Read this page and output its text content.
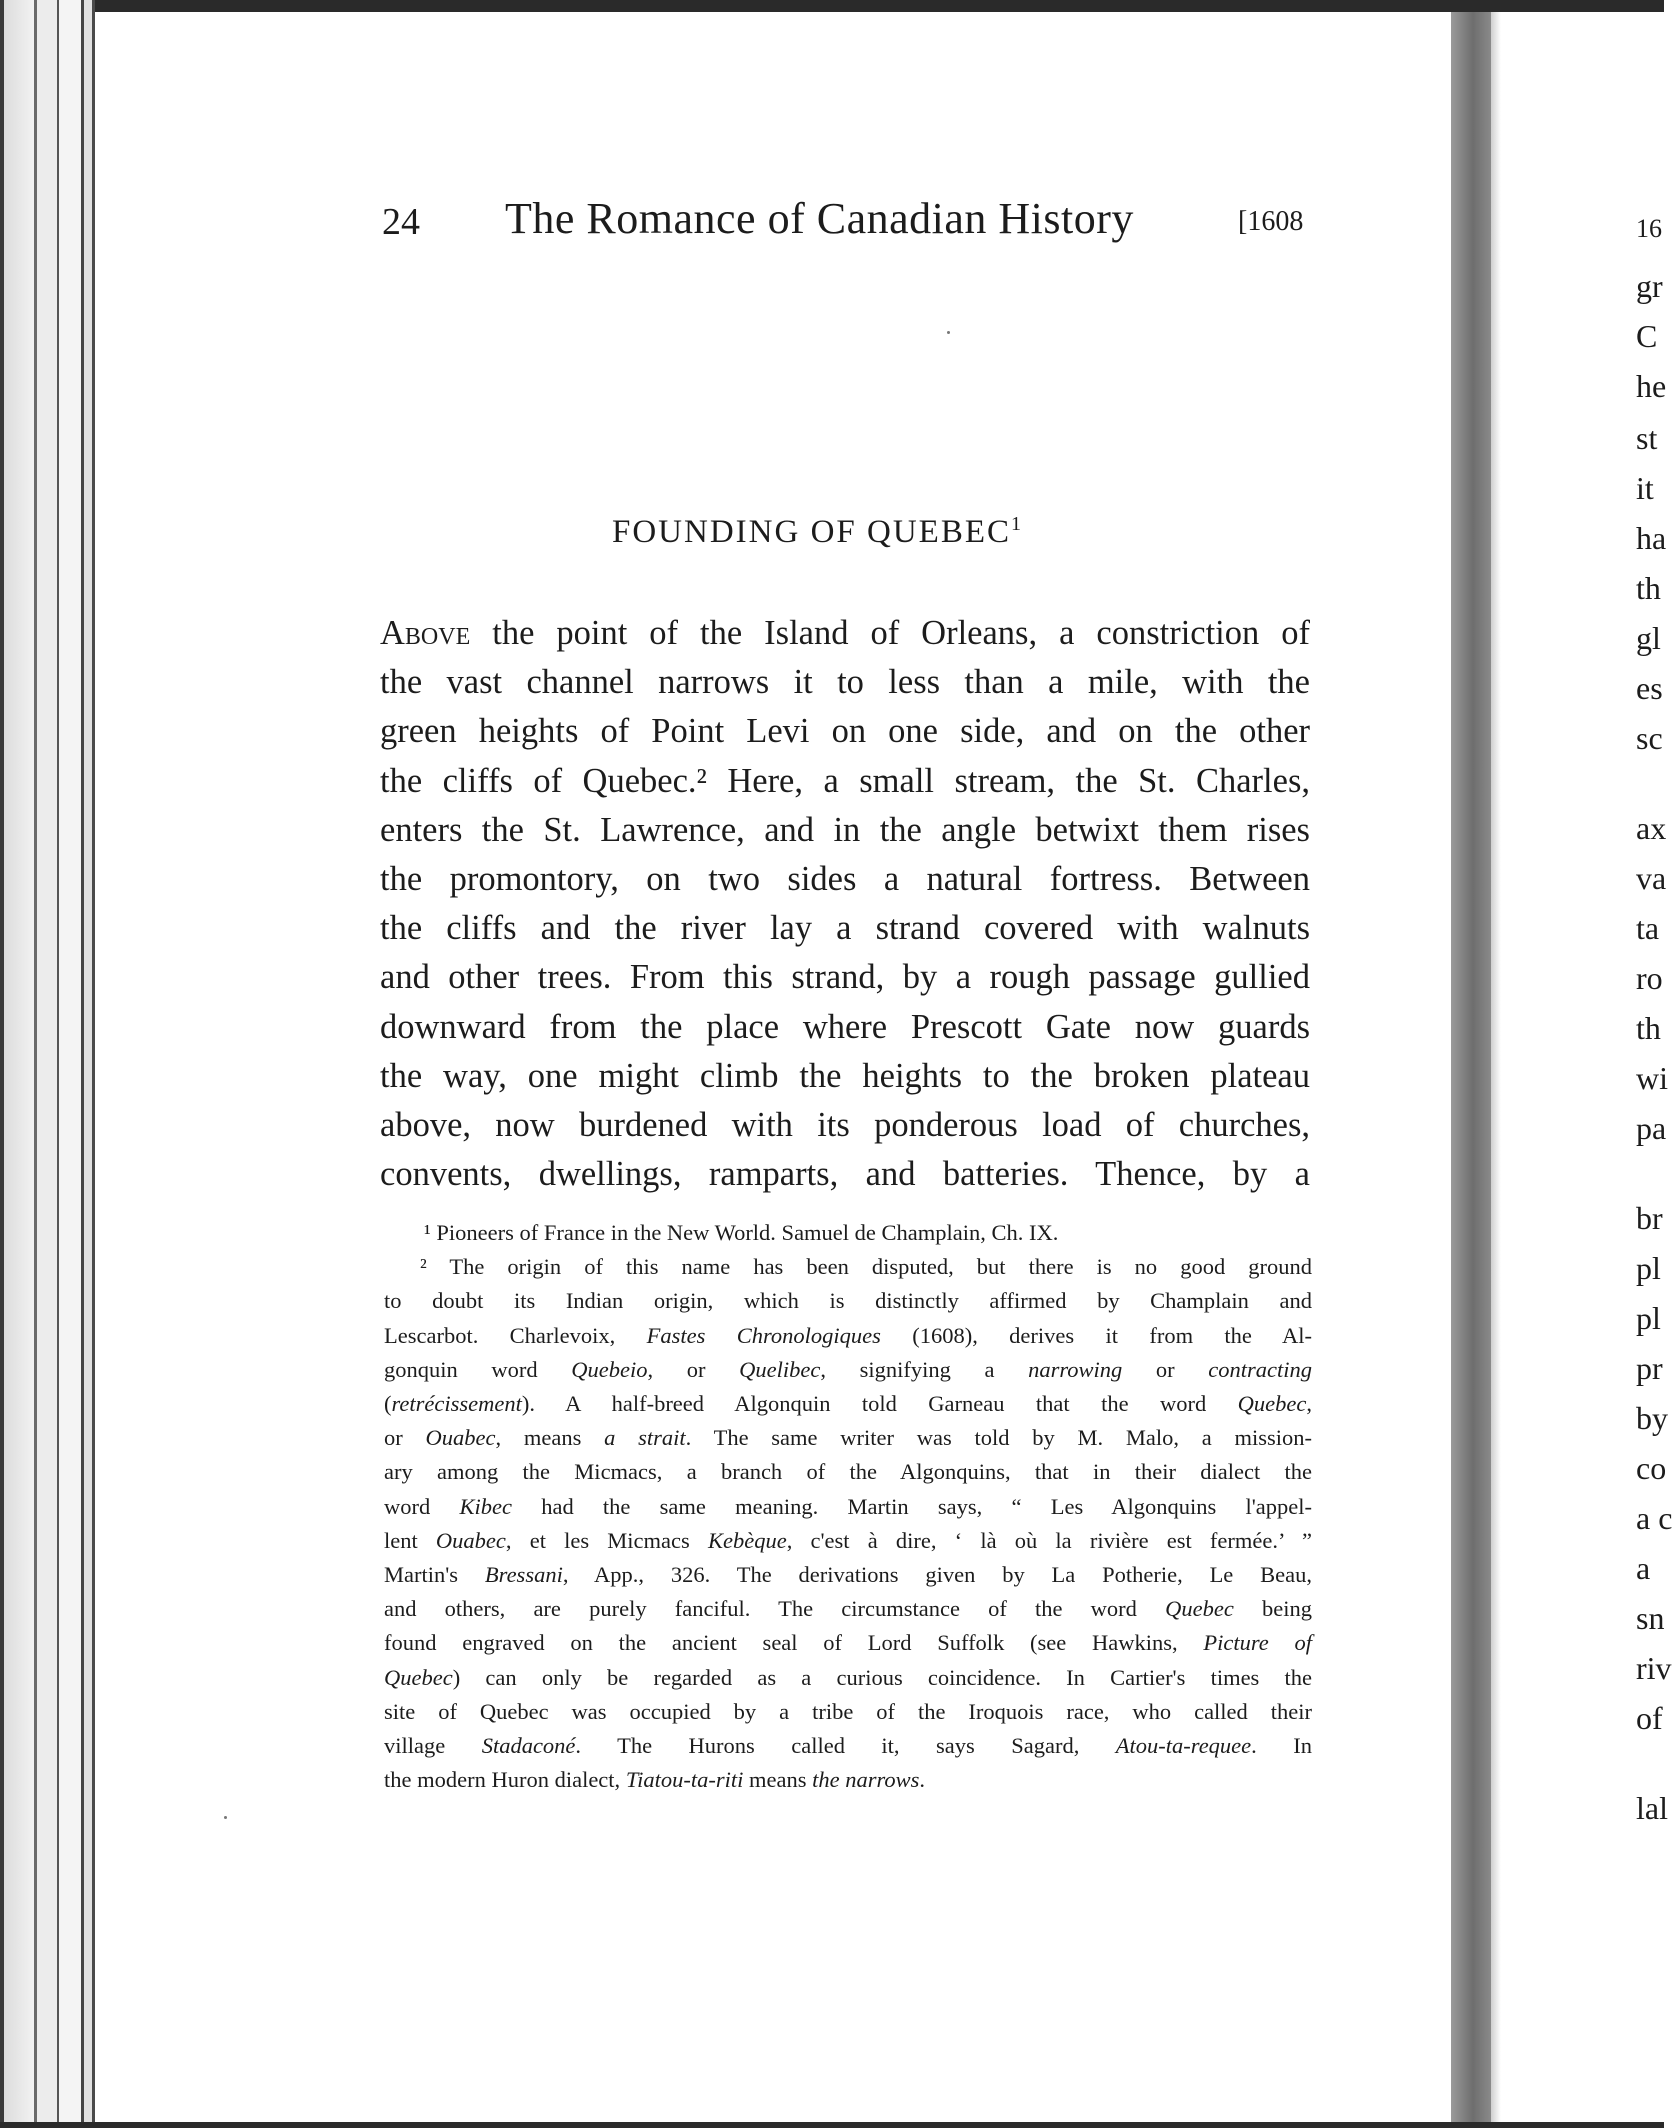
24 The Romance of Canadian History	[1608
FOUNDING OF QUEBEC$^1$
Above the point of the Island of Orleans, a constriction of
the vast channel narrows it to less than a mile, with the
green heights of Point Levi on one side, and on the other
the cliffs of Quebec.² Here, a small stream, the St. Charles,
enters the St. Lawrence, and in the angle betwixt them rises
the promontory, on two sides a natural fortress. Between
the cliffs and the river lay a strand covered with walnuts
and other trees. From this strand, by a rough passage gullied
downward from the place where Prescott Gate now guards
the way, one might climb the heights to the broken plateau
above, now burdened with its ponderous load of churches,
convents, dwellings, ramparts, and batteries. Thence, by a
¹ Pioneers of France in the New World. Samuel de Champlain, Ch. IX.
² The origin of this name has been disputed, but there is no good ground
to doubt its Indian origin, which is distinctly affirmed by Champlain and
Lescarbot. Charlevoix, Fastes Chronologiques (1608), derives it from the Al-
gonquin word Quebeio, or Quelibec, signifying a narrowing or contracting
(retrécissement). A half-breed Algonquin told Garneau that the word Quebec,
or Ouabec, means a strait. The same writer was told by M. Malo, a mission-
ary among the Micmacs, a branch of the Algonquins, that in their dialect the
word Kibec had the same meaning. Martin says, “ Les Algonquins l'appel-
lent Ouabec, et les Micmacs Kebèque, c'est à dire, ‘ là où la rivière est fermée.’ ”
Martin's Bressani, App., 326. The derivations given by La Potherie, Le Beau,
and others, are purely fanciful. The circumstance of the word Quebec being
found engraved on the ancient seal of Lord Suffolk (see Hawkins, Picture of
Quebec) can only be regarded as a curious coincidence. In Cartier's times the
site of Quebec was occupied by a tribe of the Iroquois race, who called their
village Stadaconé. The Hurons called it, says Sagard, Atou-ta-requee. In
the modern Huron dialect, Tiatou-ta-riti means the narrows.
16
gr
C
he
st
it
ha
th
gl
es
sc
ax
va
ta
ro
th
wi
pa
br
pl
pl
pr
by
co
a c
a
sn
riv
of
lal
